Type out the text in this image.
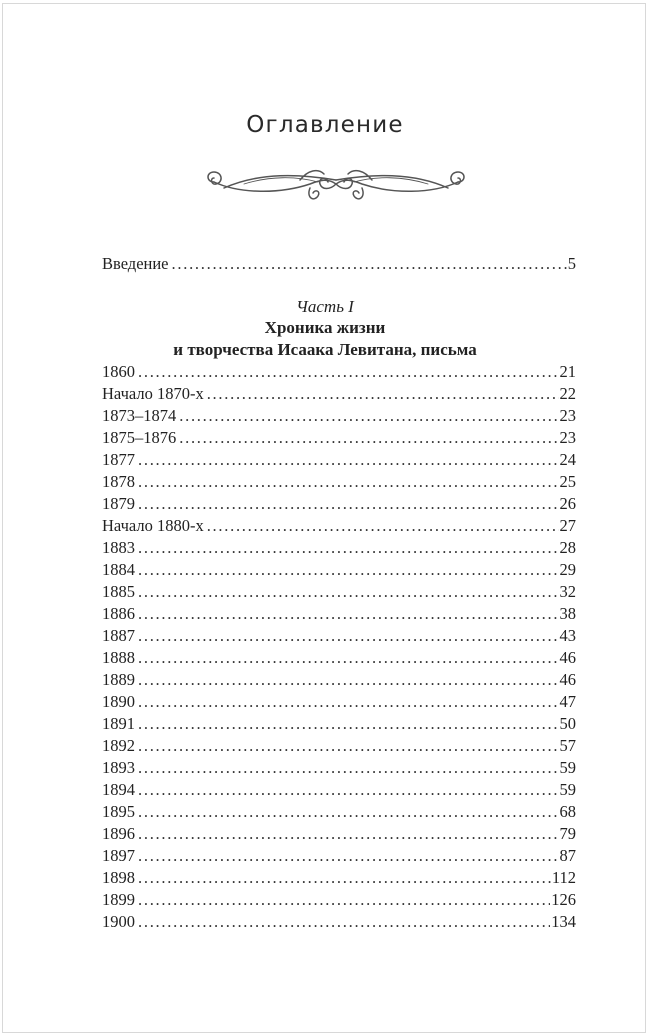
Оглавление
Введение . . .	5
Часть I
Хроника жизни
и творчества Исаака Левитана, письма
1860 . . .	21
Начало 1870-х . . .	22
1873–1874 . . .	23
1875–1876 . . .	23
1877 . . .	24
1878 . . .	25
1879 . . .	26
Начало 1880-х . . .	27
1883 . . .	28
1884 . . .	29
1885 . . .	32
1886 . . .	38
1887 . . .	43
1888 . . .	46
1889 . . .	46
1890 . . .	47
1891 . . .	50
1892 . . .	57
1893 . . .	59
1894 . . .	59
1895 . . .	68
1896 . . .	79
1897 . . .	87
1898 . . .	112
1899 . . .	126
1900 . . .	134
